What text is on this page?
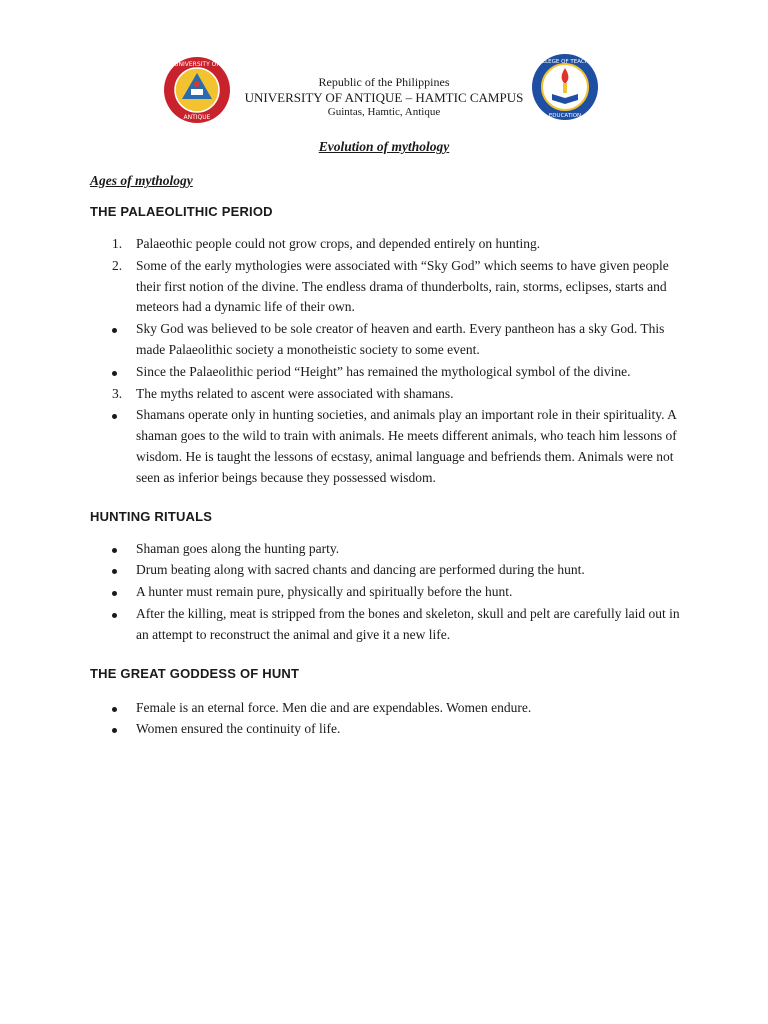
UNIVERSITY OF
ANTIQUE
COLLEGE OF TEACHER
EDUCATION
Republic of the Philippines
UNIVERSITY OF ANTIQUE – HAMTIC CAMPUS
Guintas, Hamtic, Antique
Evolution of mythology
Ages of mythology
THE PALAEOLITHIC PERIOD
1.	Palaeothic people could not grow crops, and depended entirely on hunting.
2.	Some of the early mythologies were associated with “Sky God” which seems to have given people their first notion of the divine. The endless drama of thunderbolts, rain, storms, eclipses, starts and meteors had a dynamic life of their own.
Sky God was believed to be sole creator of heaven and earth. Every pantheon has a sky God. This made Palaeolithic society a monotheistic society to some event.
Since the Palaeolithic period “Height” has remained the mythological symbol of the divine.
3.	The myths related to ascent were associated with shamans.
Shamans operate only in hunting societies, and animals play an important role in their spirituality. A shaman goes to the wild to train with animals. He meets different animals, who teach him lessons of wisdom. He is taught the lessons of ecstasy, animal language and befriends them. Animals were not seen as inferior beings because they possessed wisdom.
HUNTING RITUALS
Shaman goes along the hunting party.
Drum beating along with sacred chants and dancing are performed during the hunt.
A hunter must remain pure, physically and spiritually before the hunt.
After the killing, meat is stripped from the bones and skeleton, skull and pelt are carefully laid out in an attempt to reconstruct the animal and give it a new life.
THE GREAT GODDESS OF HUNT
Female is an eternal force. Men die and are expendables. Women endure.
Women ensured the continuity of life.
